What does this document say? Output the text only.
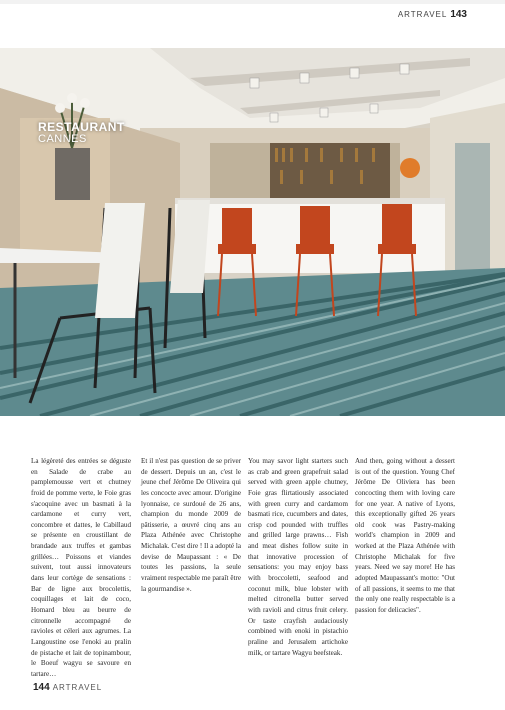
ARTRAVEL 143
RESTAURANT
CANNES
La légèreté des entrées se déguste en Salade de crabe au pamplemousse vert et chutney froid de pomme verte, le Foie gras s'acoquine avec un basmati à la cardamone et curry vert, concombre et dattes, le Cabillaud se présente en croustillant de brandade aux truffes et gambas grillées… Poissons et viandes suivent, tout aussi innovateurs dans leur cortège de sensations : Bar de ligne aux brocolettis, coquillages et lait de coco, Homard bleu au beurre de citronnelle accompagné de ravioles et céleri aux agrumes. La Langoustine ose l'enoki au pralin de pistache et lait de topinambour, le Boeuf wagyu se savoure en tartare…
Et il n'est pas question de se priver de dessert. Depuis un an, c'est le jeune chef Jérôme De Oliveira qui les concocte avec amour. D'origine lyonnaise, ce surdoué de 26 ans, champion du monde 2009 de pâtisserie, a œuvré cinq ans au Plaza Athénée avec Christophe Michalak. C'est dire ! Il a adopté la devise de Maupassant : « De toutes les passions, la seule vraiment respectable me paraît être la gourmandise ».
You may savor light starters such as crab and green grapefruit salad served with green apple chutney, Foie gras flirtatiously associated with green curry and cardamom basmati rice, cucumbers and dates, crisp cod pounded with truffles and grilled large prawns… Fish and meat dishes follow suite in that innovative procession of sensations: you may enjoy bass with broccoletti, seafood and coconut milk, blue lobster with melted citronella butter served with ravioli and citrus fruit celery. Or taste crayfish audaciously combined with enoki in pistachio praline and Jerusalem artichoke milk, or tartare Wagyu beefsteak.
And then, going without a dessert is out of the question. Young Chef Jérôme De Oliviera has been concocting them with loving care for one year. A native of Lyons, this exceptionally gifted 26 years old cook was Pastry-making world's champion in 2009 and worked at the Plaza Athénée with Christophe Michalak for five years. Need we say more! He has adopted Maupassant's motto: "Out of all passions, it seems to me that the only one really respectable is a passion for delicacies".
144 ARTRAVEL
